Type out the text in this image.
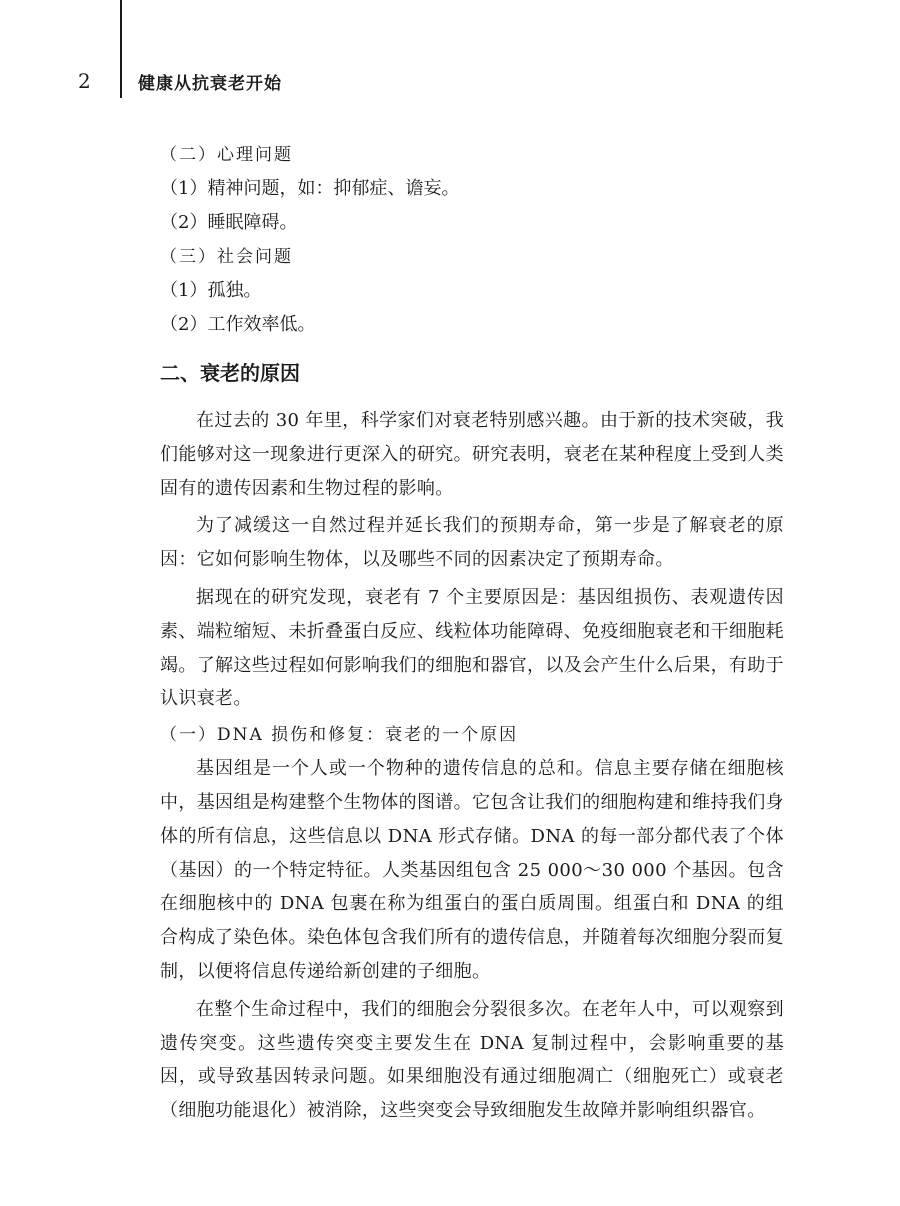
2	健康从抗衰老开始

（二）心理问题

（1）精神问题，如：抑郁症、谵妄。

（2）睡眠障碍。

（三）社会问题

（1）孤独。

（2）工作效率低。

二、衰老的原因

在过去的 30 年里，科学家们对衰老特别感兴趣。由于新的技术突破，我们能够对这一现象进行更深入的研究。研究表明，衰老在某种程度上受到人类固有的遗传因素和生物过程的影响。

为了减缓这一自然过程并延长我们的预期寿命，第一步是了解衰老的原因：它如何影响生物体，以及哪些不同的因素决定了预期寿命。

据现在的研究发现，衰老有 7 个主要原因是：基因组损伤、表观遗传因素、端粒缩短、未折叠蛋白反应、线粒体功能障碍、免疫细胞衰老和干细胞耗竭。了解这些过程如何影响我们的细胞和器官，以及会产生什么后果，有助于认识衰老。

（一）DNA 损伤和修复：衰老的一个原因

基因组是一个人或一个物种的遗传信息的总和。信息主要存储在细胞核中，基因组是构建整个生物体的图谱。它包含让我们的细胞构建和维持我们身体的所有信息，这些信息以 DNA 形式存储。DNA 的每一部分都代表了个体（基因）的一个特定特征。人类基因组包含 25 000～30 000 个基因。包含在细胞核中的 DNA 包裹在称为组蛋白的蛋白质周围。组蛋白和 DNA 的组合构成了染色体。染色体包含我们所有的遗传信息，并随着每次细胞分裂而复制，以便将信息传递给新创建的子细胞。

在整个生命过程中，我们的细胞会分裂很多次。在老年人中，可以观察到遗传突变。这些遗传突变主要发生在 DNA 复制过程中，会影响重要的基因，或导致基因转录问题。如果细胞没有通过细胞凋亡（细胞死亡）或衰老（细胞功能退化）被消除，这些突变会导致细胞发生故障并影响组织器官。
